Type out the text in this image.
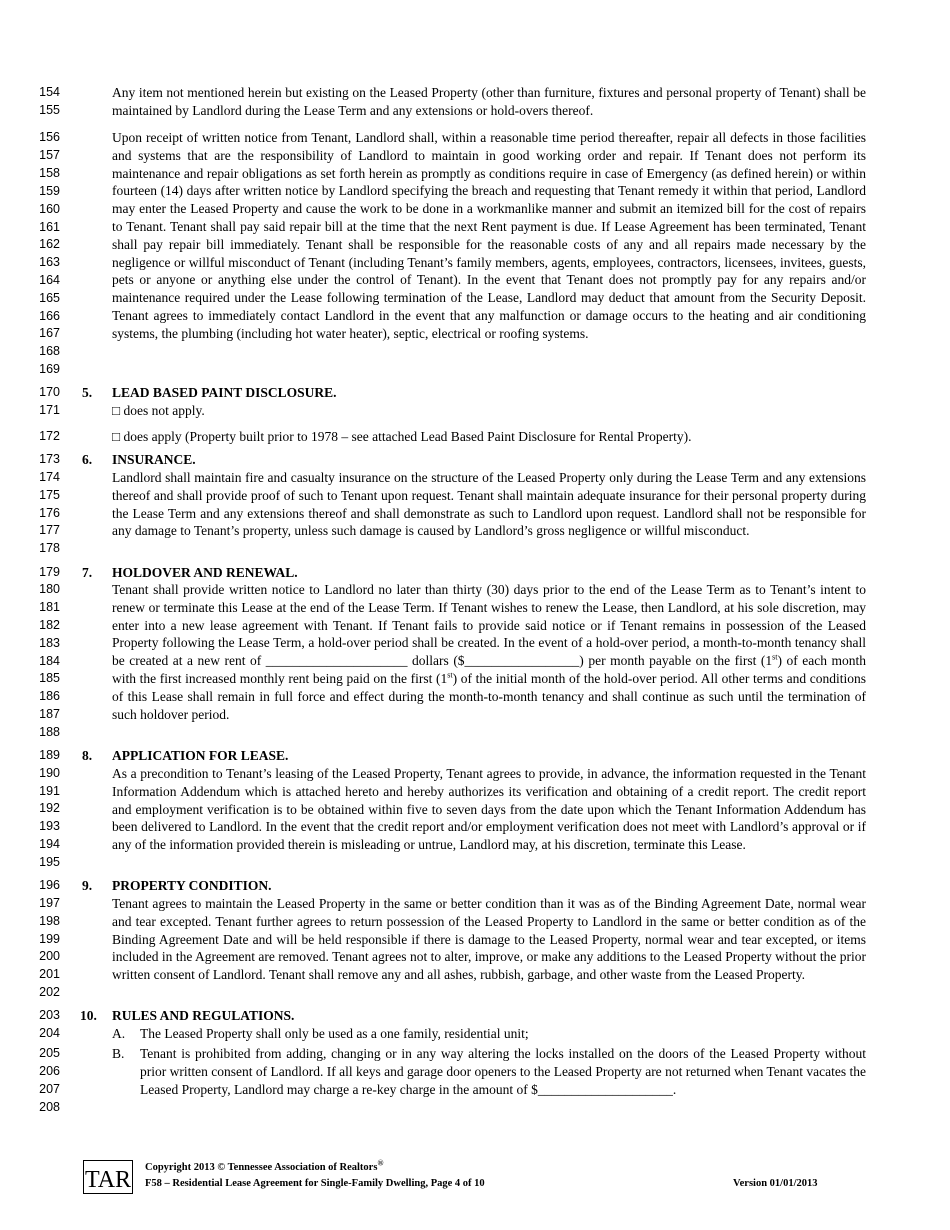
154
155
156
157
158
159
160
161
162
163
164
165
166
167
168
169
170
171
172
173
174
175
176
177
178
179
180
181
182
183
184
185
186
187
188
189
190
191
192
193
194
195
196
197
198
199
200
201
202
203
204
205
206
207
208
Any item not mentioned herein but existing on the Leased Property (other than furniture, fixtures and personal property of Tenant) shall be maintained by Landlord during the Lease Term and any extensions or hold-overs thereof.
Upon receipt of written notice from Tenant, Landlord shall, within a reasonable time period thereafter, repair all defects in those facilities and systems that are the responsibility of Landlord to maintain in good working order and repair. If Tenant does not perform its maintenance and repair obligations as set forth herein as promptly as conditions require in case of Emergency (as defined herein) or within fourteen (14) days after written notice by Landlord specifying the breach and requesting that Tenant remedy it within that period, Landlord may enter the Leased Property and cause the work to be done in a workmanlike manner and submit an itemized bill for the cost of repairs to Tenant. Tenant shall pay said repair bill at the time that the next Rent payment is due. If Lease Agreement has been terminated, Tenant shall pay repair bill immediately. Tenant shall be responsible for the reasonable costs of any and all repairs made necessary by the negligence or willful misconduct of Tenant (including Tenant’s family members, agents, employees, contractors, licensees, invitees, guests, pets or anyone or anything else under the control of Tenant). In the event that Tenant does not promptly pay for any repairs and/or maintenance required under the Lease following termination of the Lease, Landlord may deduct that amount from the Security Deposit. Tenant agrees to immediately contact Landlord in the event that any malfunction or damage occurs to the heating and air conditioning systems, the plumbing (including hot water heater), septic, electrical or roofing systems.
5.	LEAD BASED PAINT DISCLOSURE.
□ does not apply.
□ does apply (Property built prior to 1978 – see attached Lead Based Paint Disclosure for Rental Property).
6.	INSURANCE.
Landlord shall maintain fire and casualty insurance on the structure of the Leased Property only during the Lease Term and any extensions thereof and shall provide proof of such to Tenant upon request. Tenant shall maintain adequate insurance for their personal property during the Lease Term and any extensions thereof and shall demonstrate as such to Landlord upon request. Landlord shall not be responsible for any damage to Tenant’s property, unless such damage is caused by Landlord’s gross negligence or willful misconduct.
7.	HOLDOVER AND RENEWAL.
Tenant shall provide written notice to Landlord no later than thirty (30) days prior to the end of the Lease Term as to Tenant’s intent to renew or terminate this Lease at the end of the Lease Term. If Tenant wishes to renew the Lease, then Landlord, at his sole discretion, may enter into a new lease agreement with Tenant. If Tenant fails to provide said notice or if Tenant remains in possession of the Leased Property following the Lease Term, a hold-over period shall be created. In the event of a hold-over period, a month-to-month tenancy shall be created at a new rent of _____________________ dollars ($_________________) per month payable on the first (1st) of each month with the first increased monthly rent being paid on the first (1st) of the initial month of the hold-over period. All other terms and conditions of this Lease shall remain in full force and effect during the month-to-month tenancy and shall continue as such until the termination of such holdover period.
8.	APPLICATION FOR LEASE.
As a precondition to Tenant’s leasing of the Leased Property, Tenant agrees to provide, in advance, the information requested in the Tenant Information Addendum which is attached hereto and hereby authorizes its verification and obtaining of a credit report. The credit report and employment verification is to be obtained within five to seven days from the date upon which the Tenant Information Addendum has been delivered to Landlord. In the event that the credit report and/or employment verification does not meet with Landlord’s approval or if any of the information provided therein is misleading or untrue, Landlord may, at his discretion, terminate this Lease.
9.	PROPERTY CONDITION.
Tenant agrees to maintain the Leased Property in the same or better condition than it was as of the Binding Agreement Date, normal wear and tear excepted. Tenant further agrees to return possession of the Leased Property to Landlord in the same or better condition as of the Binding Agreement Date and will be held responsible if there is damage to the Leased Property, normal wear and tear excepted, or items included in the Agreement are removed. Tenant agrees not to alter, improve, or make any additions to the Leased Property without the prior written consent of Landlord. Tenant shall remove any and all ashes, rubbish, garbage, and other waste from the Leased Property.
10.	RULES AND REGULATIONS.
A.	The Leased Property shall only be used as a one family, residential unit;
B.	Tenant is prohibited from adding, changing or in any way altering the locks installed on the doors of the Leased Property without prior written consent of Landlord. If all keys and garage door openers to the Leased Property are not returned when Tenant vacates the Leased Property, Landlord may charge a re-key charge in the amount of $____________________.
TAR Copyright 2013 © Tennessee Association of Realtors®
F58 – Residential Lease Agreement for Single-Family Dwelling, Page 4 of 10	Version 01/01/2013
